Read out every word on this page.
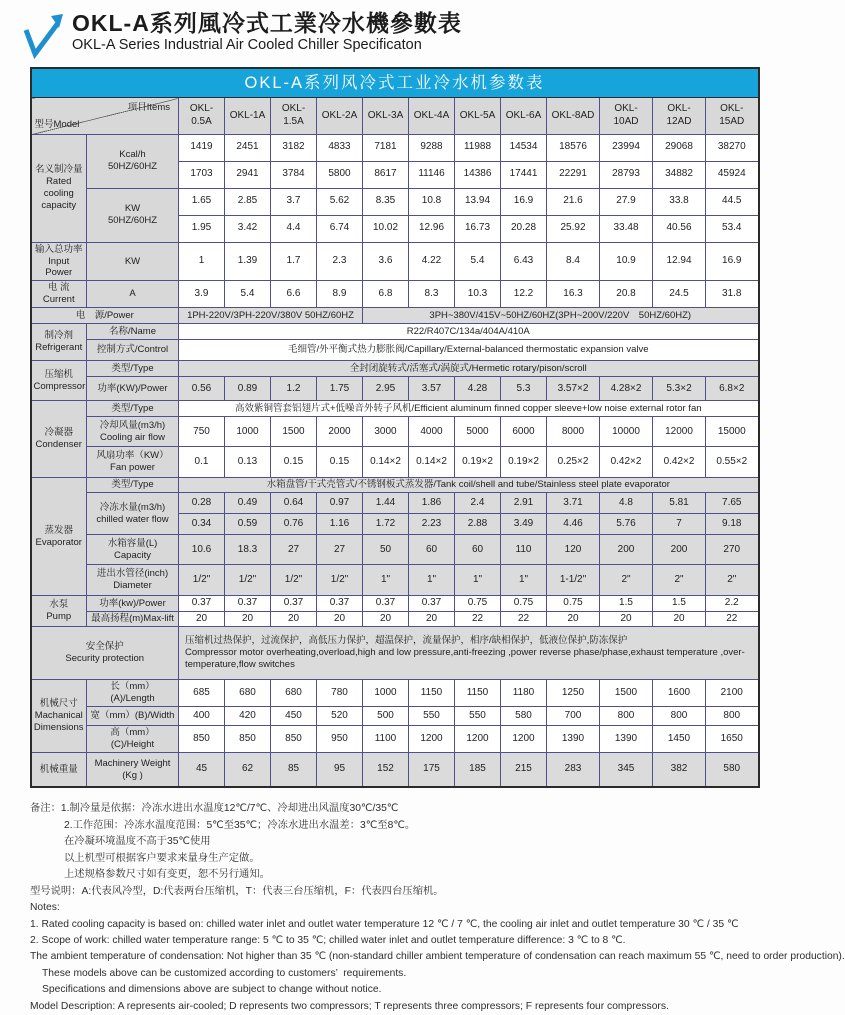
OKL-A系列風冷式工業冷水機參數表
OKL-A Series Industrial Air Cooled Chiller Specificaton
OKL-A系列风冷式工业冷水机参数表													

型号Model

项目Items		OKL-0.5A	OKL-1A	OKL-1.5A	OKL-2A	OKL-3A	OKL-4A	OKL-5A	OKL-6A	OKL-8AD	OKL-10AD	OKL-12AD	OKL-15AD
名义制冷量
Rated
cooling
capacity	Kcal/h
50HZ/60HZ	1419	2451	3182	4833	7181	9288	11988	14534	18576	23994	29068	38270
		1703	2941	3784	5800	8617	11146	14386	17441	22291	28793	34882	45924
	KW
50HZ/60HZ	1.65	2.85	3.7	5.62	8.35	10.8	13.94	16.9	21.6	27.9	33.8	44.5
		1.95	3.42	4.4	6.74	10.02	12.96	16.73	20.28	25.92	33.48	40.56	53.4
输入总功率
Input Power	KW	1	1.39	1.7	2.3	3.6	4.22	5.4	6.43	8.4	10.9	12.94	16.9
电 流
Current	A	3.9	5.4	6.6	8.9	6.8	8.3	10.3	12.2	16.3	20.8	24.5	31.8
电　源/Power		1PH-220V/3PH-220V/380V 50HZ/60HZ				3PH~380V/415V~50HZ/60HZ(3PH~200V/220V　50HZ/60HZ)							
制冷剂
Refrigerant	名称/Name	R22/R407C/134a/404A/410A											
	控制方式/Control	毛细管/外平衡式热力膨胀阀/Capillary/External-balanced thermostatic expansion valve											
压缩机
Compressor	类型/Type	全封闭旋转式/活塞式/涡旋式/Hermetic rotary/pison/scroll											
	功率(KW)/Power	0.56	0.89	1.2	1.75	2.95	3.57	4.28	5.3	3.57×2	4.28×2	5.3×2	6.8×2
冷凝器
Condenser	类型/Type	高效紫铜管套铝翅片式+低噪音外转子风机/Efficient aluminum finned copper sleeve+low noise external rotor fan											
	冷却风量(m3/h)
Cooling air flow	750	1000	1500	2000	3000	4000	5000	6000	8000	10000	12000	15000
	风扇功率（KW）
Fan power	0.1	0.13	0.15	0.15	0.14×2	0.14×2	0.19×2	0.19×2	0.25×2	0.42×2	0.42×2	0.55×2
蒸发器
Evaporator	类型/Type	水箱盘管/干式壳管式/不锈钢板式蒸发器/Tank coil/shell and tube/Stainless steel plate evaporator											
	冷冻水量(m3/h)
chilled water flow	0.28	0.49	0.64	0.97	1.44	1.86	2.4	2.91	3.71	4.8	5.81	7.65
		0.34	0.59	0.76	1.16	1.72	2.23	2.88	3.49	4.46	5.76	7	9.18
	水箱容量(L)
Capacity	10.6	18.3	27	27	50	60	60	110	120	200	200	270
	进出水管径(inch)
Diameter	1/2"	1/2"	1/2"	1/2"	1"	1"	1"	1"	1-1/2"	2"	2"	2"
水泵
Pump	功率(kw)/Power	0.37	0.37	0.37	0.37	0.37	0.37	0.75	0.75	0.75	1.5	1.5	2.2
	最高扬程(m)Max-lift	20	20	20	20	20	20	22	22	20	20	20	22
安全保护
Security protection		压缩机过热保护，过流保护，高低压力保护，超温保护，流量保护，相序/缺相保护，低液位保护,防冻保护
Compressor motor overheating,overload,high and low pressure,anti-freezing ,power reverse phase/phase,exhaust temperature ,over-temperature,flow switches											
机械尺寸
Machanical
Dimensions	长（mm）(A)/Length	685	680	680	780	1000	1150	1150	1180	1250	1500	1600	2100
	宽（mm）(B)/Width	400	420	450	520	500	550	550	580	700	800	800	800
	高（mm）(C)/Height	850	850	850	950	1100	1200	1200	1200	1390	1390	1450	1650
机械重量	Machinery Weight
(Kg )	45	62	85	95	152	175	185	215	283	345	382	580
备注：1.制冷量是依据：冷冻水进出水温度12℃/7℃、冷却进出风温度30℃/35℃
2.工作范围：冷冻水温度范围：5℃至35℃；冷冻水进出水温差：3℃至8℃。
在冷凝环境温度不高于35℃使用
以上机型可根据客户要求来量身生产定做。
上述规格参数尺寸如有变更，恕不另行通知。
型号说明：A:代表风冷型，D:代表两台压缩机，T：代表三台压缩机，F：代表四台压缩机。
Notes:
1. Rated cooling capacity is based on: chilled water inlet and outlet water temperature 12 ℃ / 7 ℃, the cooling air inlet and outlet temperature 30 ℃ / 35 ℃
2. Scope of work: chilled water temperature range: 5 ℃ to 35 ℃; chilled water inlet and outlet temperature difference: 3 ℃ to 8 ℃.
The ambient temperature of condensation: Not higher than 35 ℃ (non-standard chiller ambient temperature of condensation can reach maximum 55 ℃, need to order production).
These models above can be customized according to customers’  requirements.
Specifications and dimensions above are subject to change without notice.
Model Description: A represents air-cooled; D represents two compressors; T represents three compressors; F represents four compressors.
